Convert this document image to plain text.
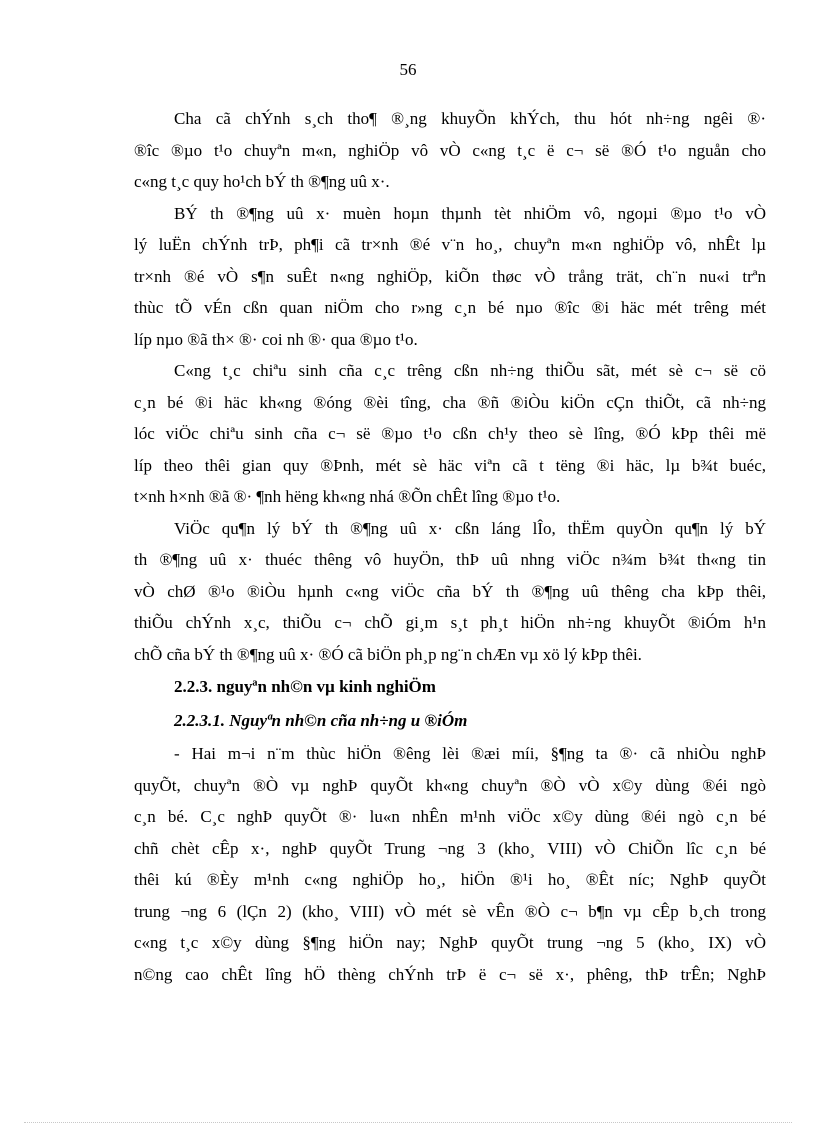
56
Cha cã chÝnh s¸ch tho¶ ®¸ng khuyÕn khÝch, thu hót nh÷ng ngêi ®·
®îc ®µo t¹o chuyªn m«n, nghiÖp vô vÒ c«ng t¸c ë c¬ së ®Ó t¹o nguån cho
c«ng t¸c quy ho¹ch bÝ th ®¶ng uû x·.
BÝ th ®¶ng uû x· muèn hoµn thµnh tèt nhiÖm vô, ngoµi ®µo t¹o vÒ
lý luËn chÝnh trÞ, ph¶i cã tr×nh ®é v¨n ho¸, chuyªn m«n nghiÖp vô, nhÊt lµ
tr×nh ®é vÒ s¶n suÊt n«ng nghiÖp, kiÕn thøc vÒ trång trät, ch¨n nu«i trªn
thùc tÕ vÉn cßn quan niÖm cho r»ng c¸n bé nµo ®îc ®i häc mét trêng mét
líp nµo ®ã th× ®· coi nh ®· qua ®µo t¹o.
C«ng t¸c chiªu sinh cña c¸c trêng cßn nh÷ng thiÕu sãt, mét sè c¬ së cö
c¸n bé ®i häc kh«ng ®óng ®èi tîng, cha ®ñ ®iÒu kiÖn cÇn thiÕt, cã nh÷ng
lóc viÖc chiªu sinh cña c¬ së ®µo t¹o cßn ch¹y theo sè lîng, ®Ó kÞp thêi më
líp theo thêi gian quy ®Þnh, mét sè häc viªn cã t tëng ®i häc, lµ b¾t buéc,
t×nh h×nh ®ã ®· ¶nh hëng kh«ng nhá ®Õn chÊt lîng ®µo t¹o.
ViÖc qu¶n lý bÝ th ®¶ng uû x· cßn láng lÎo, thËm quyÒn qu¶n lý bÝ
th ®¶ng uû x· thuéc thêng vô huyÖn, thÞ uû nhng viÖc n¾m b¾t th«ng tin
vÒ chØ ®¹o ®iÒu hµnh c«ng viÖc cña bÝ th ®¶ng uû thêng cha kÞp thêi,
thiÕu chÝnh x¸c, thiÕu c¬ chÕ gi¸m s¸t ph¸t hiÖn nh÷ng khuyÕt ®iÓm h¹n
chÕ cña bÝ th ®¶ng uû x· ®Ó cã biÖn ph¸p ng¨n chÆn vµ xö lý kÞp thêi.
2.2.3. nguyªn nh©n vµ kinh nghiÖm
2.2.3.1. Nguyªn nh©n cña nh÷ng u ®iÓm
- Hai m¬i n¨m thùc hiÖn ®êng lèi ®æi míi, §¶ng ta ®· cã nhiÒu nghÞ
quyÕt, chuyªn ®Ò vµ nghÞ quyÕt kh«ng chuyªn ®Ò vÒ x©y dùng ®éi ngò
c¸n bé. C¸c nghÞ quyÕt ®· lu«n nhÊn m¹nh viÖc x©y dùng ®éi ngò c¸n bé
chñ chèt cÊp x·, nghÞ quyÕt Trung ¬ng 3 (kho¸ VIII) vÒ ChiÕn lîc c¸n bé
thêi kú ®Èy m¹nh c«ng nghiÖp ho¸, hiÖn ®¹i ho¸ ®Êt níc; NghÞ quyÕt
trung ¬ng 6 (lÇn 2) (kho¸ VIII) vÒ mét sè vÊn ®Ò c¬ b¶n vµ cÊp b¸ch trong
c«ng t¸c x©y dùng §¶ng hiÖn nay; NghÞ quyÕt trung ¬ng 5 (kho¸ IX) vÒ
n©ng cao chÊt lîng hÖ thèng chÝnh trÞ ë c¬ së x·, phêng, thÞ trÊn; NghÞ
